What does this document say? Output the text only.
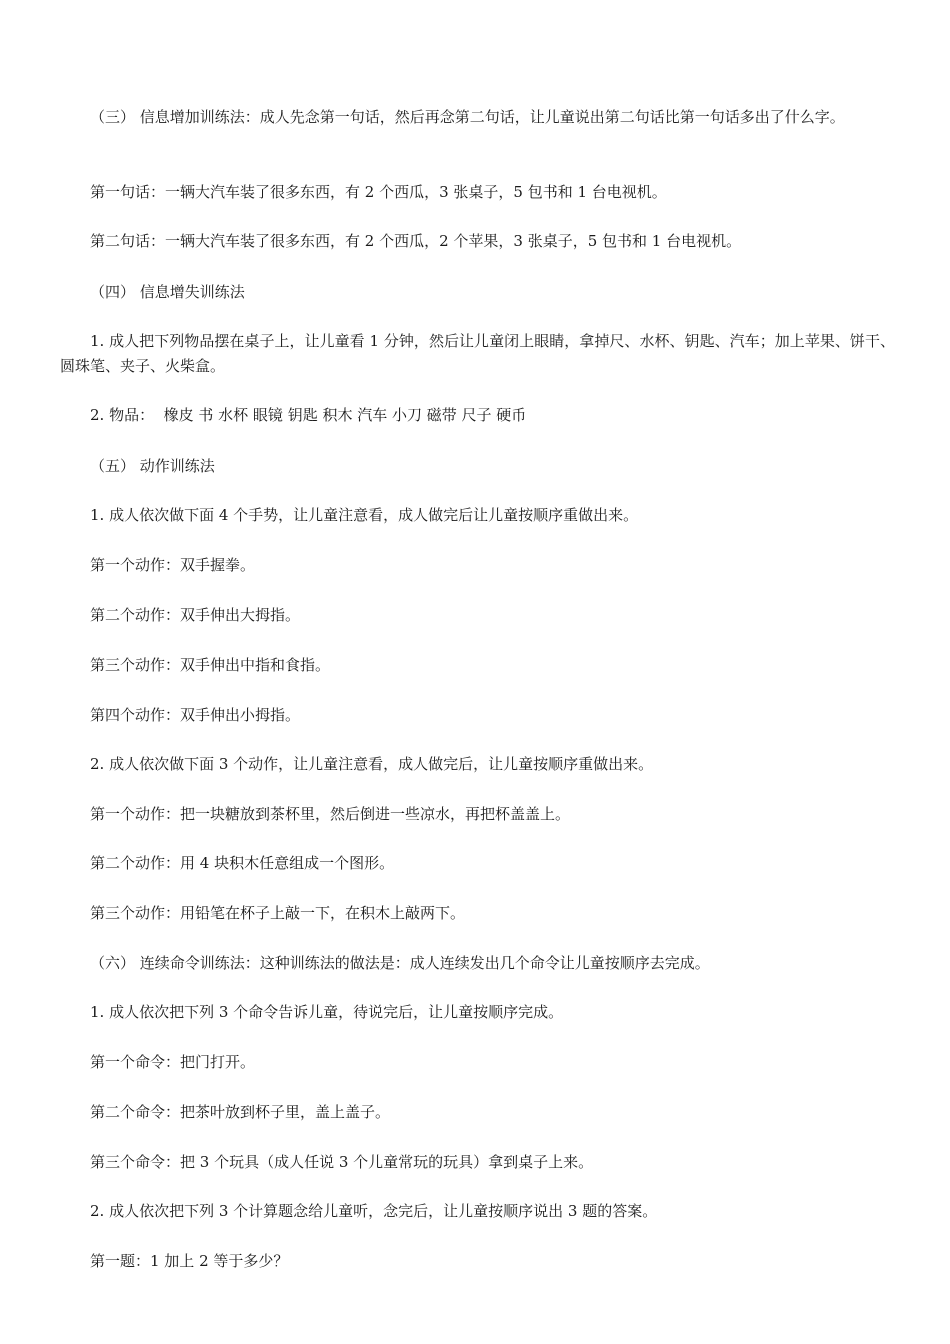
（三） 信息增加训练法：成人先念第一句话，然后再念第二句话，让儿童说出第二句话比第一句话多出了什么字。

第一句话：一辆大汽车装了很多东西，有 2 个西瓜，3 张桌子，5 包书和 1 台电视机。

第二句话：一辆大汽车装了很多东西，有 2 个西瓜，2 个苹果，3 张桌子，5 包书和 1 台电视机。

（四） 信息增失训练法

1. 成人把下列物品摆在桌子上，让儿童看 1 分钟，然后让儿童闭上眼睛，拿掉尺、水杯、钥匙、汽车；加上苹果、饼干、圆珠笔、夹子、火柴盒。

2. 物品：  橡皮 书 水杯 眼镜 钥匙 积木 汽车 小刀 磁带 尺子 硬币

（五） 动作训练法

1. 成人依次做下面 4 个手势，让儿童注意看，成人做完后让儿童按顺序重做出来。

第一个动作：双手握拳。

第二个动作：双手伸出大拇指。

第三个动作：双手伸出中指和食指。

第四个动作：双手伸出小拇指。

2. 成人依次做下面 3 个动作，让儿童注意看，成人做完后，让儿童按顺序重做出来。

第一个动作：把一块糖放到茶杯里，然后倒进一些凉水，再把杯盖盖上。

第二个动作：用 4 块积木任意组成一个图形。

第三个动作：用铅笔在杯子上敲一下，在积木上敲两下。

（六） 连续命令训练法：这种训练法的做法是：成人连续发出几个命令让儿童按顺序去完成。

1. 成人依次把下列 3 个命令告诉儿童，待说完后，让儿童按顺序完成。

第一个命令：把门打开。

第二个命令：把茶叶放到杯子里，盖上盖子。

第三个命令：把 3 个玩具（成人任说 3 个儿童常玩的玩具）拿到桌子上来。

2. 成人依次把下列 3 个计算题念给儿童听，念完后，让儿童按顺序说出 3 题的答案。

第一题：1 加上 2 等于多少？
